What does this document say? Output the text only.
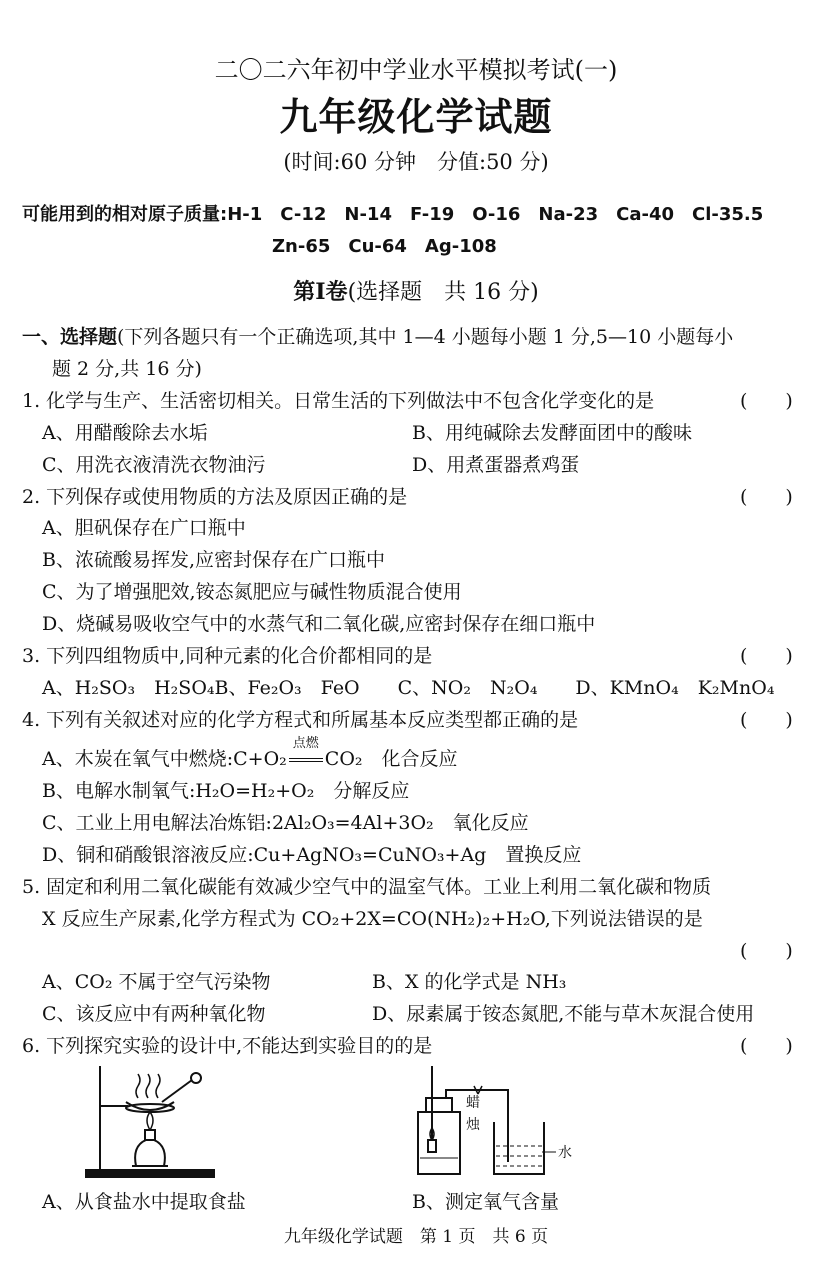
二〇二六年初中学业水平模拟考试(一)
九年级化学试题
(时间:60 分钟　分值:50 分)
可能用到的相对原子质量:H-1　C-12　N-14　F-19　O-16　Na-23　Ca-40　Cl-35.5
Zn-65　Cu-64　Ag-108
第Ⅰ卷(选择题　共 16 分)
一、选择题(下列各题只有一个正确选项,其中 1—4 小题每小题 1 分,5—10 小题每小
题 2 分,共 16 分)
1. 化学与生产、生活密切相关。日常生活的下列做法中不包含化学变化的是	(　　)
A、用醋酸除去水垢	B、用纯碱除去发酵面团中的酸味
C、用洗衣液清洗衣物油污	D、用煮蛋器煮鸡蛋
2. 下列保存或使用物质的方法及原因正确的是	(　　)
A、胆矾保存在广口瓶中
B、浓硫酸易挥发,应密封保存在广口瓶中
C、为了增强肥效,铵态氮肥应与碱性物质混合使用
D、烧碱易吸收空气中的水蒸气和二氧化碳,应密封保存在细口瓶中
3. 下列四组物质中,同种元素的化合价都相同的是	(　　)
A、H₂SO₃　H₂SO₄B、Fe₂O₃　FeO　　C、NO₂　N₂O₄　　D、KMnO₄　K₂MnO₄
4. 下列有关叙述对应的化学方程式和所属基本反应类型都正确的是	(　　)
A、木炭在氧气中燃烧:C+O₂
点燃
CO₂　化合反应
B、电解水制氧气:H₂O=H₂+O₂　分解反应
C、工业上用电解法冶炼铝:2Al₂O₃=4Al+3O₂　氧化反应
D、铜和硝酸银溶液反应:Cu+AgNO₃=CuNO₃+Ag　置换反应
5. 固定和利用二氧化碳能有效减少空气中的温室气体。工业上利用二氧化碳和物质
X 反应生产尿素,化学方程式为 CO₂+2X=CO(NH₂)₂+H₂O,下列说法错误的是
(　　)
A、CO₂ 不属于空气污染物	B、X 的化学式是 NH₃
C、该反应中有两种氧化物	D、尿素属于铵态氮肥,不能与草木灰混合使用
6. 下列探究实验的设计中,不能达到实验目的的是	(　　)
蜡烛
水
A、从食盐水中提取食盐	B、测定氧气含量
九年级化学试题　第 1 页　共 6 页
